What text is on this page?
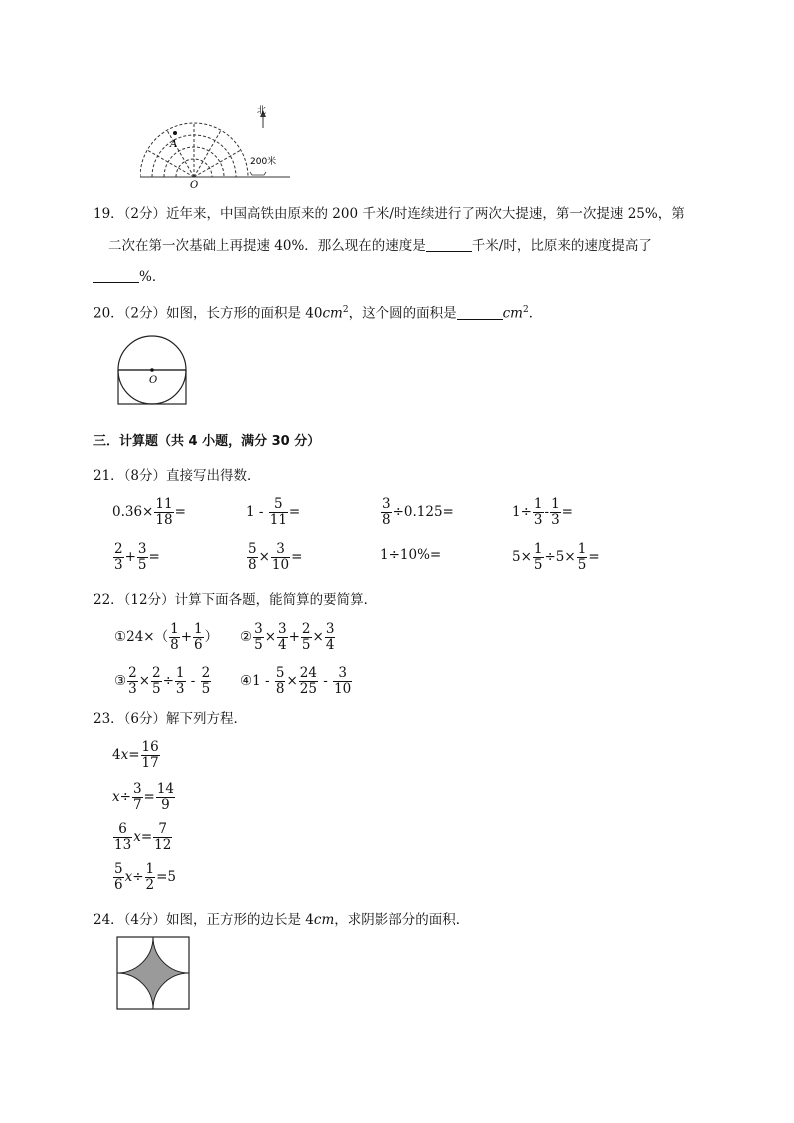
A
O
北
200米
19．（2分）近年来，中国高铁由原来的 200 千米/时连续进行了两次大提速，第一次提速 25%，第
二次在第一次基础上再提速 40%．那么现在的速度是	千米/时，比原来的速度提高了
%．
20．（2分）如图，长方形的面积是 $40cm^2$，这个圆的面积是	$cm^2$．
O
三．计算题（共 4 小题，满分 30 分）
21．（8分）直接写出得数．
$0.36\times \frac{11}{18}$ =	$1 - \frac{5}{11}$ =	$\frac{3}{8} \div 0.125=$	$1\div \frac{1}{3} - \frac{1}{3}$ =
$\frac{2}{3} + \frac{3}{5}$ =	$\frac{5}{8} \times \frac{3}{10}$ =	1÷10%=	$5\times \frac{1}{5} \div 5\times \frac{1}{5}$ =
22．（12分）计算下面各题，能简算的要简算．
①24×（ $\frac{1}{8} + \frac{1}{6}$ ） ② $\frac{3}{5} \times \frac{3}{4} + \frac{2}{5} \times \frac{3}{4}$
③ $\frac{2}{3} \times \frac{2}{5} \div \frac{1}{3} - \frac{2}{5}$ ④1 - $\frac{5}{8} \times \frac{24}{25} - \frac{3}{10}$
23．（6分）解下列方程．
$4x= \frac{16}{17}$
$x\div \frac{3}{7} = \frac{14}{9}$
$\frac{6}{13} x= \frac{7}{12}$
$\frac{5}{6} x\div \frac{1}{2} =5$
24．（4分）如图，正方形的边长是 4cm，求阴影部分的面积．
